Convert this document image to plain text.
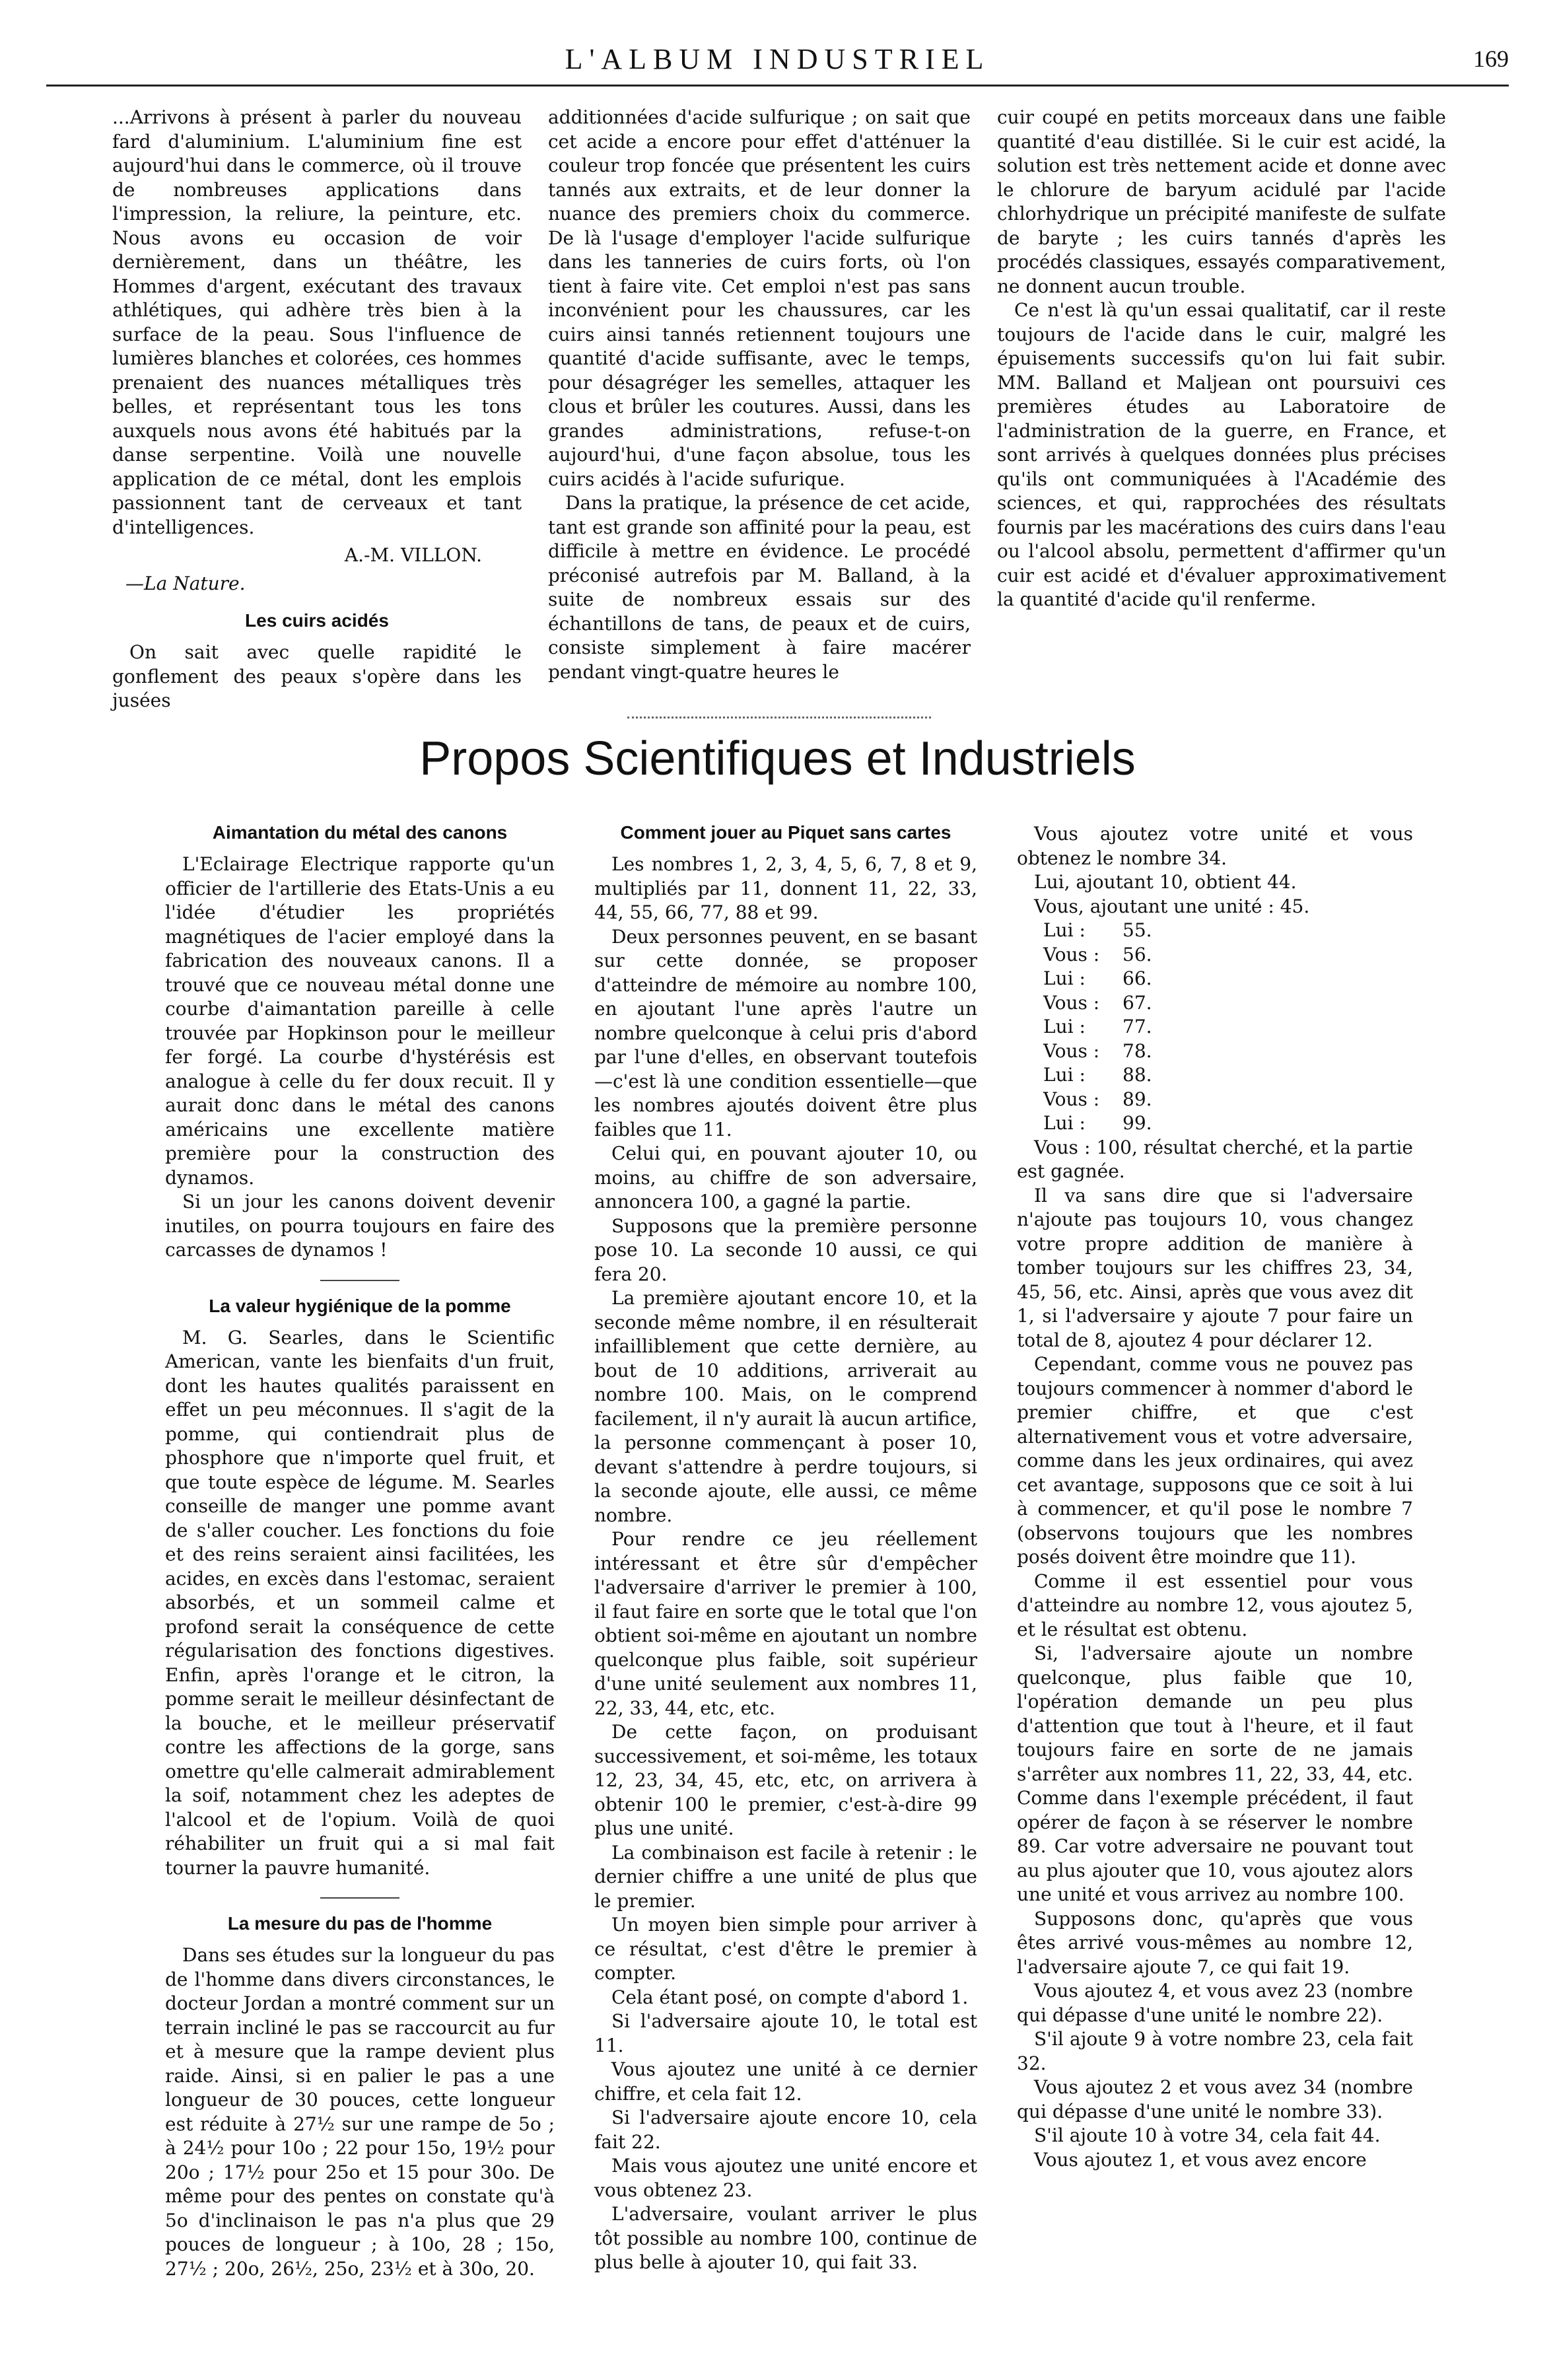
L'ALBUM INDUSTRIEL	169

...Arrivons à présent à parler du nouveau fard d'aluminium. L'aluminium fine est aujourd'hui dans le commerce, où il trouve de nombreuses applications dans l'impression, la reliure, la peinture, etc. Nous avons eu occasion de voir dernièrement, dans un théâtre, les Hommes d'argent, exécutant des travaux athlétiques, qui adhère très bien à la surface de la peau. Sous l'influence de lumières blanches et colorées, ces hommes prenaient des nuances métalliques très belles, et représentant tous les tons auxquels nous avons été habitués par la danse serpentine. Voilà une nouvelle application de ce métal, dont les emplois passionnent tant de cerveaux et tant d'intelligences.

A.-M. VILLON.
—La Nature.
Les cuirs acidés

On sait avec quelle rapidité le gonflement des peaux s'opère dans les jusées

additionnées d'acide sulfurique ; on sait que cet acide a encore pour effet d'atténuer la couleur trop foncée que présentent les cuirs tannés aux extraits, et de leur donner la nuance des premiers choix du commerce. De là l'usage d'employer l'acide sulfurique dans les tanneries de cuirs forts, où l'on tient à faire vite. Cet emploi n'est pas sans inconvénient pour les chaussures, car les cuirs ainsi tannés retiennent toujours une quantité d'acide suffisante, avec le temps, pour désagréger les semelles, attaquer les clous et brûler les coutures. Aussi, dans les grandes administrations, refuse-t-on aujourd'hui, d'une façon absolue, tous les cuirs acidés à l'acide sufurique.

Dans la pratique, la présence de cet acide, tant est grande son affinité pour la peau, est difficile à mettre en évidence. Le procédé préconisé autrefois par M. Balland, à la suite de nombreux essais sur des échantillons de tans, de peaux et de cuirs, consiste simplement à faire macérer pendant vingt-quatre heures le

cuir coupé en petits morceaux dans une faible quantité d'eau distillée. Si le cuir est acidé, la solution est très nettement acide et donne avec le chlorure de baryum acidulé par l'acide chlorhydrique un précipité manifeste de sulfate de baryte ; les cuirs tannés d'après les procédés classiques, essayés comparativement, ne donnent aucun trouble.

Ce n'est là qu'un essai qualitatif, car il reste toujours de l'acide dans le cuir, malgré les épuisements successifs qu'on lui fait subir. MM. Balland et Maljean ont poursuivi ces premières études au Laboratoire de l'administration de la guerre, en France, et sont arrivés à quelques données plus précises qu'ils ont communiquées à l'Académie des sciences, et qui, rapprochées des résultats fournis par les macérations des cuirs dans l'eau ou l'alcool absolu, permettent d'affirmer qu'un cuir est acidé et d'évaluer approximativement la quantité d'acide qu'il renferme.

Propos Scientifiques et Industriels
Aimantation du métal des canons

L'Eclairage Electrique rapporte qu'un officier de l'artillerie des Etats-Unis a eu l'idée d'étudier les propriétés magnétiques de l'acier employé dans la fabrication des nouveaux canons. Il a trouvé que ce nouveau métal donne une courbe d'aimantation pareille à celle trouvée par Hopkinson pour le meilleur fer forgé. La courbe d'hystérésis est analogue à celle du fer doux recuit. Il y aurait donc dans le métal des canons américains une excellente matière première pour la construction des dynamos.

Si un jour les canons doivent devenir inutiles, on pourra toujours en faire des carcasses de dynamos !

La valeur hygiénique de la pomme

M. G. Searles, dans le Scientific American, vante les bienfaits d'un fruit, dont les hautes qualités paraissent en effet un peu méconnues. Il s'agit de la pomme, qui contiendrait plus de phosphore que n'importe quel fruit, et que toute espèce de légume. M. Searles conseille de manger une pomme avant de s'aller coucher. Les fonctions du foie et des reins seraient ainsi facilitées, les acides, en excès dans l'estomac, seraient absorbés, et un sommeil calme et profond serait la conséquence de cette régularisation des fonctions digestives. Enfin, après l'orange et le citron, la pomme serait le meilleur désinfectant de la bouche, et le meilleur préservatif contre les affections de la gorge, sans omettre qu'elle calmerait admirablement la soif, notamment chez les adeptes de l'alcool et de l'opium. Voilà de quoi réhabiliter un fruit qui a si mal fait tourner la pauvre humanité.

La mesure du pas de l'homme

Dans ses études sur la longueur du pas de l'homme dans divers circonstances, le docteur Jordan a montré comment sur un terrain incliné le pas se raccourcit au fur et à mesure que la rampe devient plus raide. Ainsi, si en palier le pas a une longueur de 30 pouces, cette longueur est réduite à 27½ sur une rampe de 5o ; à 24½ pour 10o ; 22 pour 15o, 19½ pour 20o ; 17½ pour 25o et 15 pour 30o. De même pour des pentes on constate qu'à 5o d'inclinaison le pas n'a plus que 29 pouces de longueur ; à 10o, 28 ; 15o, 27½ ; 20o, 26½, 25o, 23½ et à 30o, 20.

Comment jouer au Piquet sans cartes

Les nombres 1, 2, 3, 4, 5, 6, 7, 8 et 9, multipliés par 11, donnent 11, 22, 33, 44, 55, 66, 77, 88 et 99.

Deux personnes peuvent, en se basant sur cette donnée, se proposer d'atteindre de mémoire au nombre 100, en ajoutant l'une après l'autre un nombre quelconque à celui pris d'abord par l'une d'elles, en observant toutefois—c'est là une condition essentielle—que les nombres ajoutés doivent être plus faibles que 11.

Celui qui, en pouvant ajouter 10, ou moins, au chiffre de son adversaire, annoncera 100, a gagné la partie.

Supposons que la première personne pose 10. La seconde 10 aussi, ce qui fera 20.

La première ajoutant encore 10, et la seconde même nombre, il en résulterait infailliblement que cette dernière, au bout de 10 additions, arriverait au nombre 100. Mais, on le comprend facilement, il n'y aurait là aucun artifice, la personne commençant à poser 10, devant s'attendre à perdre toujours, si la seconde ajoute, elle aussi, ce même nombre.

Pour rendre ce jeu réellement intéressant et être sûr d'empêcher l'adversaire d'arriver le premier à 100, il faut faire en sorte que le total que l'on obtient soi-même en ajoutant un nombre quelconque plus faible, soit supérieur d'une unité seulement aux nombres 11, 22, 33, 44, etc, etc.

De cette façon, on produisant successivement, et soi-même, les totaux 12, 23, 34, 45, etc, etc, on arrivera à obtenir 100 le premier, c'est-à-dire 99 plus une unité.

La combinaison est facile à retenir : le dernier chiffre a une unité de plus que le premier.

Un moyen bien simple pour arriver à ce résultat, c'est d'être le premier à compter.

Cela étant posé, on compte d'abord 1.

Si l'adversaire ajoute 10, le total est 11.

Vous ajoutez une unité à ce dernier chiffre, et cela fait 12.

Si l'adversaire ajoute encore 10, cela fait 22.

Mais vous ajoutez une unité encore et vous obtenez 23.

L'adversaire, voulant arriver le plus tôt possible au nombre 100, continue de plus belle à ajouter 10, qui fait 33.

Vous ajoutez votre unité et vous obtenez le nombre 34.

Lui, ajoutant 10, obtient 44.

Vous, ajoutant une unité : 45.

Lui : 55.
Vous : 56.
Lui : 66.
Vous : 67.
Lui : 77.
Vous : 78.
Lui : 88.
Vous : 89.
Lui : 99.

Vous : 100, résultat cherché, et la partie est gagnée.

Il va sans dire que si l'adversaire n'ajoute pas toujours 10, vous changez votre propre addition de manière à tomber toujours sur les chiffres 23, 34, 45, 56, etc. Ainsi, après que vous avez dit 1, si l'adversaire y ajoute 7 pour faire un total de 8, ajoutez 4 pour déclarer 12.

Cependant, comme vous ne pouvez pas toujours commencer à nommer d'abord le premier chiffre, et que c'est alternativement vous et votre adversaire, comme dans les jeux ordinaires, qui avez cet avantage, supposons que ce soit à lui à commencer, et qu'il pose le nombre 7 (observons toujours que les nombres posés doivent être moindre que 11).

Comme il est essentiel pour vous d'atteindre au nombre 12, vous ajoutez 5, et le résultat est obtenu.

Si, l'adversaire ajoute un nombre quelconque, plus faible que 10, l'opération demande un peu plus d'attention que tout à l'heure, et il faut toujours faire en sorte de ne jamais s'arrêter aux nombres 11, 22, 33, 44, etc. Comme dans l'exemple précédent, il faut opérer de façon à se réserver le nombre 89. Car votre adversaire ne pouvant tout au plus ajouter que 10, vous ajoutez alors une unité et vous arrivez au nombre 100.

Supposons donc, qu'après que vous êtes arrivé vous-mêmes au nombre 12, l'adversaire ajoute 7, ce qui fait 19.

Vous ajoutez 4, et vous avez 23 (nombre qui dépasse d'une unité le nombre 22).

S'il ajoute 9 à votre nombre 23, cela fait 32.

Vous ajoutez 2 et vous avez 34 (nombre qui dépasse d'une unité le nombre 33).

S'il ajoute 10 à votre 34, cela fait 44.

Vous ajoutez 1, et vous avez encore
